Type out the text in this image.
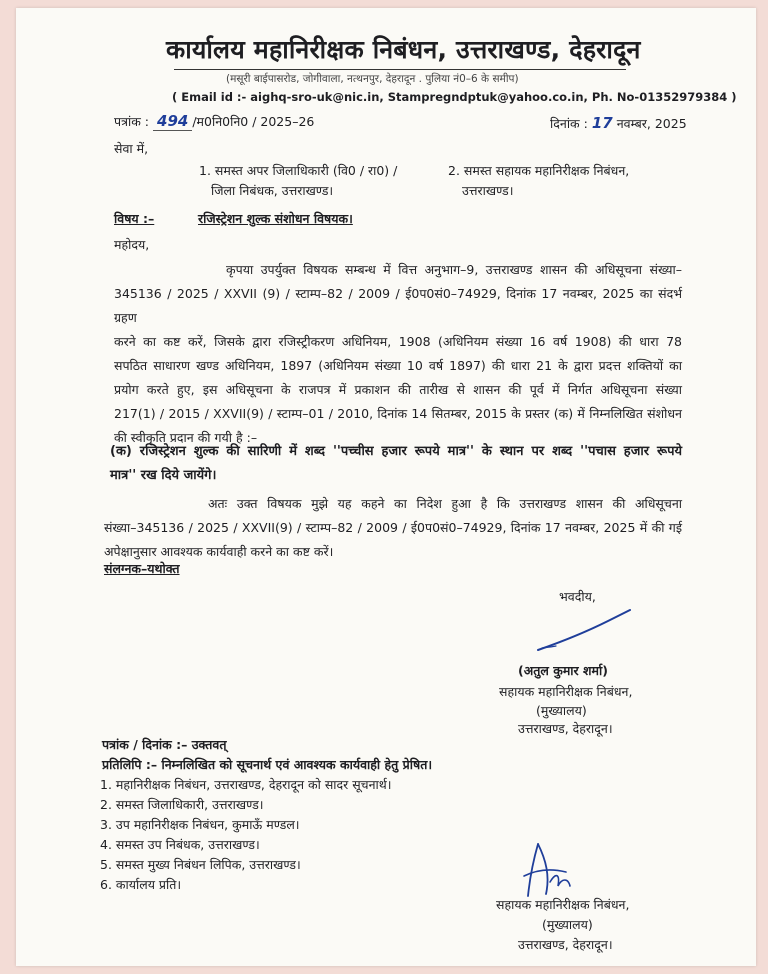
कार्यालय महानिरीक्षक निबंधन, उत्तराखण्ड, देहरादून
(मसूरी बाईपासरोड, जोगीवाला, नत्थनपुर, देहरादून . पुलिया नं0–6 के समीप)
( Email id :- aighq-sro-uk@nic.in, Stampregndptuk@yahoo.co.in, Ph. No-01352979384 )
पत्रांक : 494 /म0नि0नि0 / 2025–26	दिनांक : 17 नवम्बर, 2025
सेवा में,
1. समस्त अपर जिलाधिकारी (वि0 / रा0) /
जिला निबंधक, उत्तराखण्ड।
2. समस्त सहायक महानिरीक्षक निबंधन,
उत्तराखण्ड।
विषय :–	रजिस्ट्रेशन शुल्क संशोधन विषयक।
महोदय,
कृपया उपर्युक्त विषयक सम्बन्ध में वित्त अनुभाग–9, उत्तराखण्ड शासन की अधिसूचना संख्या–
345136 / 2025 / XXVII (9) / स्टाम्प–82 / 2009 / ई0प0सं0–74929, दिनांक 17 नवम्बर, 2025 का संदर्भ ग्रहण
करने का कष्ट करें, जिसके द्वारा रजिस्ट्रीकरण अधिनियम, 1908 (अधिनियम संख्या 16 वर्ष 1908) की धारा 78
सपठित साधारण खण्ड अधिनियम, 1897 (अधिनियम संख्या 10 वर्ष 1897) की धारा 21 के द्वारा प्रदत्त शक्तियों का
प्रयोग करते हुए, इस अधिसूचना के राजपत्र में प्रकाशन की तारीख से शासन की पूर्व में निर्गत अधिसूचना संख्या
217(1) / 2015 / XXVII(9) / स्टाम्प–01 / 2010, दिनांक 14 सितम्बर, 2015 के प्रस्तर (क) में निम्नलिखित संशोधन
की स्वीकृति प्रदान की गयी है :–
(क) रजिस्ट्रेशन शुल्क की सारिणी में शब्द ''पच्चीस हजार रूपये मात्र'' के स्थान पर शब्द ''पचास हजार रूपये
मात्र'' रख दिये जायेंगे।
अतः उक्त विषयक मुझे यह कहने का निदेश हुआ है कि उत्तराखण्ड शासन की अधिसूचना
संख्या–345136 / 2025 / XXVII(9) / स्टाम्प–82 / 2009 / ई0प0सं0–74929, दिनांक 17 नवम्बर, 2025 में की गई
अपेक्षानुसार आवश्यक कार्यवाही करने का कष्ट करें।
संलग्नक–यथोक्त
भवदीय,
(अतुल कुमार शर्मा)
सहायक महानिरीक्षक निबंधन,
(मुख्यालय)
उत्तराखण्ड, देहरादून।
पत्रांक / दिनांक :– उक्तवत्
प्रतिलिपि :– निम्नलिखित को सूचनार्थ एवं आवश्यक कार्यवाही हेतु प्रेषित।
1. महानिरीक्षक निबंधन, उत्तराखण्ड, देहरादून को सादर सूचनार्थ।
2. समस्त जिलाधिकारी, उत्तराखण्ड।
3. उप महानिरीक्षक निबंधन, कुमाऊँ मण्डल।
4. समस्त उप निबंधक, उत्तराखण्ड।
5. समस्त मुख्य निबंधन लिपिक, उत्तराखण्ड।
6. कार्यालय प्रति।
सहायक महानिरीक्षक निबंधन,
(मुख्यालय)
उत्तराखण्ड, देहरादून।
